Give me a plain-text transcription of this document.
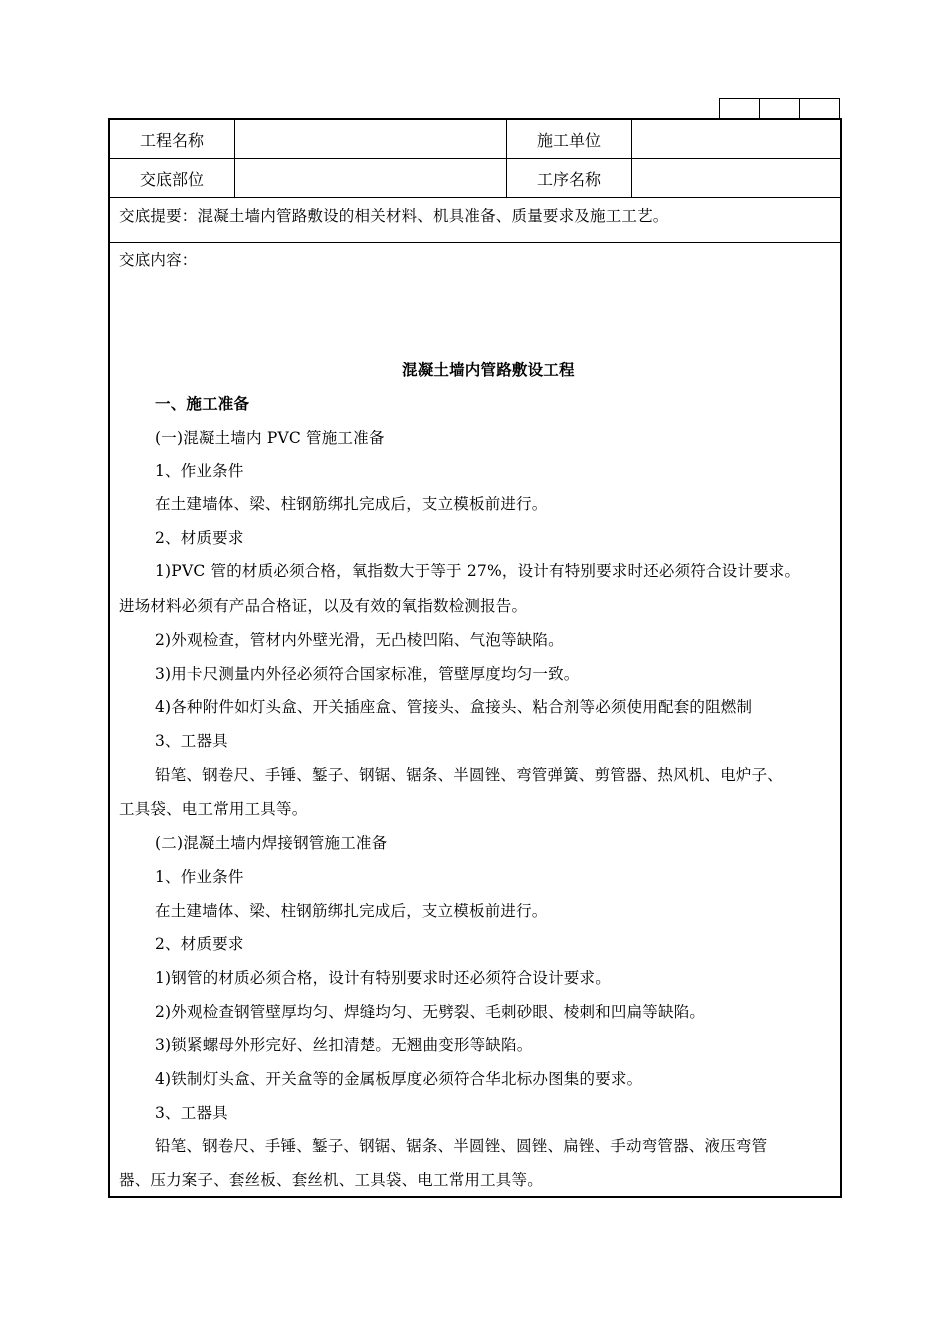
工程名称	施工单位
交底部位	工序名称
交底提要：混凝土墙内管路敷设的相关材料、机具准备、质量要求及施工工艺。
交底内容：
混凝土墙内管路敷设工程
一、施工准备
(一)混凝土墙内 PVC 管施工准备
1、作业条件
在土建墙体、梁、柱钢筋绑扎完成后，支立模板前进行。
2、材质要求
1)PVC 管的材质必须合格，氧指数大于等于 27%，设计有特别要求时还必须符合设计要求。
进场材料必须有产品合格证，以及有效的氧指数检测报告。
2)外观检查，管材内外壁光滑，无凸棱凹陷、气泡等缺陷。
3)用卡尺测量内外径必须符合国家标准，管壁厚度均匀一致。
4)各种附件如灯头盒、开关插座盒、管接头、盒接头、粘合剂等必须使用配套的阻燃制
3、工器具
铅笔、钢卷尺、手锤、錾子、钢锯、锯条、半圆锉、弯管弹簧、剪管器、热风机、电炉子、
工具袋、电工常用工具等。
(二)混凝土墙内焊接钢管施工准备
1、作业条件
在土建墙体、梁、柱钢筋绑扎完成后，支立模板前进行。
2、材质要求
1)钢管的材质必须合格，设计有特别要求时还必须符合设计要求。
2)外观检查钢管壁厚均匀、焊缝均匀、无劈裂、毛刺砂眼、棱刺和凹扁等缺陷。
3)锁紧螺母外形完好、丝扣清楚。无翘曲变形等缺陷。
4)铁制灯头盒、开关盒等的金属板厚度必须符合华北标办图集的要求。
3、工器具
铅笔、钢卷尺、手锤、錾子、钢锯、锯条、半圆锉、圆锉、扁锉、手动弯管器、液压弯管
器、压力案子、套丝板、套丝机、工具袋、电工常用工具等。
